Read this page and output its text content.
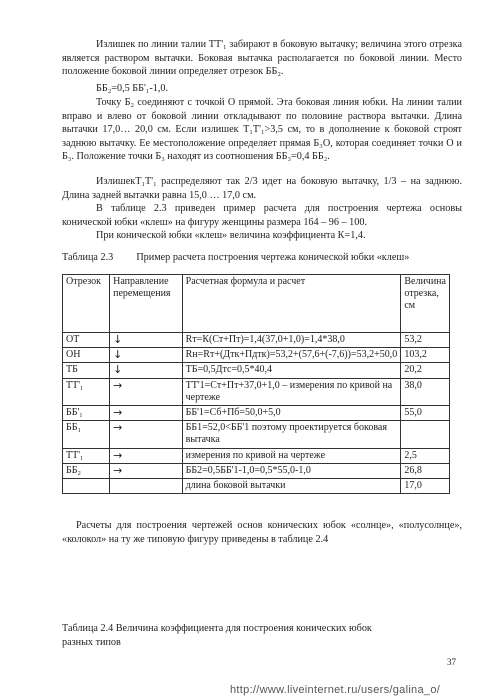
Излишек по линии талии ТТ'₁ забирают в боковую вытачку; величина этого отрезка является раствором вытачки. Боковая вытачка располагается по боковой линии. Место положение боковой линии определяет отрезок ББ₂.

ББ₂=0,5 ББ'₁-1,0.

Точку Б₂ соединяют с точкой О прямой. Эта боковая линия юбки. На линии талии вправо и влево от боковой линии откладывают по половине раствора вытачки. Длина вытачки 17,0… 20,0 см. Если излишек Т₁Т'₁>3,5 см, то в дополнение к боковой строят заднюю вытачку. Ее местоположение определяет прямая Б₃О, которая соединяет точки О и Б₃. Положение точки Б₃ находят из соотношения ББ₃=0,4 ББ₂.

ИзлишекТ₁Т'₁ распределяют так 2/3 идет на боковую вытачку, 1/3 – на заднюю. Длина задней вытачки равна 15,0 … 17,0 см.

В таблице 2.3 приведен пример расчета для построения чертежа основы конической юбки «клеш» на фигуру женщины размера 164 – 96 – 100.

При конической юбки «клеш» величина коэффициента К=1,4.

Таблица 2.3 Пример расчета построения чертежа конической юбки «клеш»
Отрезок	Направление перемещения	Расчетная формула и расчет	Величина отрезка, см
ОТ	↓	Rт=К(Ст+Пт)=1,4(37,0+1,0)=1,4*38,0	53,2
ОН	↓	Rн=Rт+(Дтк+Пдтк)=53,2+(57,6+(-7,6))=53,2+50,0	103,2
ТБ	↓	ТБ=0,5Дтс=0,5*40,4	20,2
ТТ'₁	→	ТТ'1=Ст+Пт+37,0+1,0 – измерения по кривой на чертеже	38,0
ББ'₁	→	ББ'1=Сб+Пб=50,0+5,0	55,0
ББ₁	→	ББ1=52,0<ББ'1 поэтому проектируется боковая вытачка	
ТТ'₁	→	измерения по кривой на чертеже	2,5
ББ₂	→	ББ2=0,5ББ'1-1,0=0,5*55,0-1,0	26,8
		длина боковой вытачки	17,0

Расчеты для построения чертежей основ конических юбок «солнце», «полусолнце», «колокол» на ту же типовую фигуру приведены в таблице 2.4

Таблица 2.4 Величина коэффициента для построения конических юбок

разных типов

37
http://www.liveinternet.ru/users/galina_o/
